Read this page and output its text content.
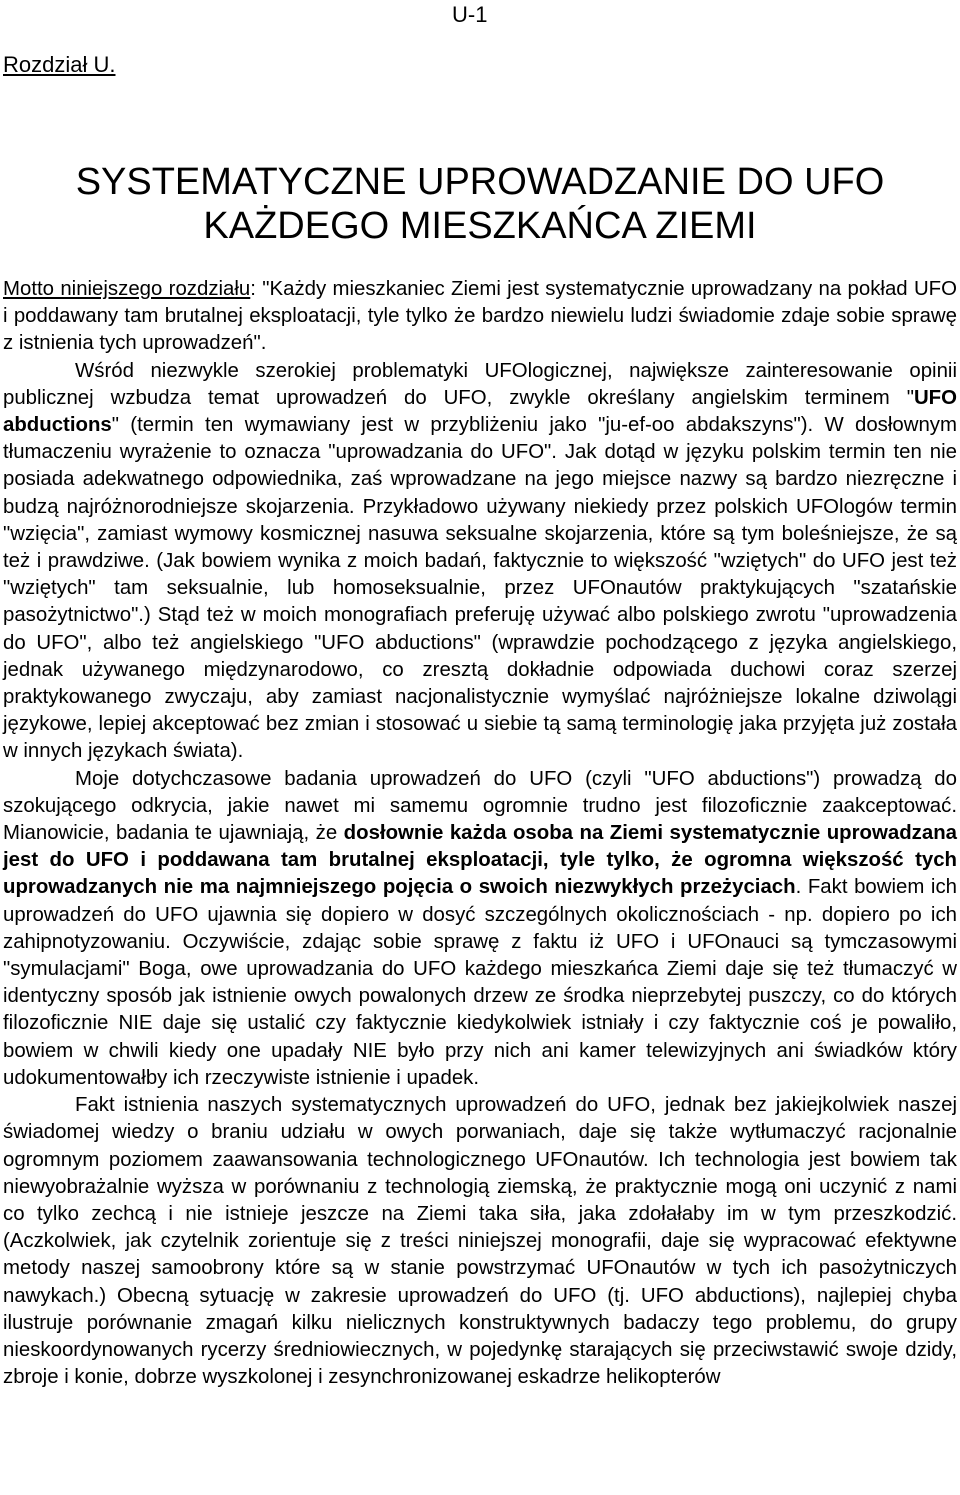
U-1
Rozdział U.
SYSTEMATYCZNE UPROWADZANIE DO UFO
KAŻDEGO MIESZKAŃCA ZIEMI

Motto niniejszego rozdziału: "Każdy mieszkaniec Ziemi jest systematycznie uprowadzany na pokład UFO i poddawany tam brutalnej eksploatacji, tyle tylko że bardzo niewielu ludzi świadomie zdaje sobie sprawę z istnienia tych uprowadzeń".

Wśród niezwykle szerokiej problematyki UFOlogicznej, największe zainteresowanie opinii publicznej wzbudza temat uprowadzeń do UFO, zwykle określany angielskim terminem "UFO abductions" (termin ten wymawiany jest w przybliżeniu jako "ju-ef-oo abdakszyns"). W dosłownym tłumaczeniu wyrażenie to oznacza "uprowadzania do UFO". Jak dotąd w języku polskim termin ten nie posiada adekwatnego odpowiednika, zaś wprowadzane na jego miejsce nazwy są bardzo niezręczne i budzą najróżnorodniejsze skojarzenia. Przykładowo używany niekiedy przez polskich UFOlogów termin "wzięcia", zamiast wymowy kosmicznej nasuwa seksualne skojarzenia, które są tym boleśniejsze, że są też i prawdziwe. (Jak bowiem wynika z moich badań, faktycznie to większość "wziętych" do UFO jest też "wziętych" tam seksualnie, lub homoseksualnie, przez UFOnautów praktykujących "szatańskie pasożytnictwo".) Stąd też w moich monografiach preferuję używać albo polskiego zwrotu "uprowadzenia do UFO", albo też angielskiego "UFO abductions" (wprawdzie pochodzącego z języka angielskiego, jednak używanego międzynarodowo, co zresztą dokładnie odpowiada duchowi coraz szerzej praktykowanego zwyczaju, aby zamiast nacjonalistycznie wymyślać najróżniejsze lokalne dziwolągi językowe, lepiej akceptować bez zmian i stosować u siebie tą samą terminologię jaka przyjęta już została w innych językach świata).

Moje dotychczasowe badania uprowadzeń do UFO (czyli "UFO abductions") prowadzą do szokującego odkrycia, jakie nawet mi samemu ogromnie trudno jest filozoficznie zaakceptować. Mianowicie, badania te ujawniają, że dosłownie każda osoba na Ziemi systematycznie uprowadzana jest do UFO i poddawana tam brutalnej eksploatacji, tyle tylko, że ogromna większość tych uprowadzanych nie ma najmniejszego pojęcia o swoich niezwykłych przeżyciach. Fakt bowiem ich uprowadzeń do UFO ujawnia się dopiero w dosyć szczególnych okolicznościach - np. dopiero po ich zahipnotyzowaniu. Oczywiście, zdając sobie sprawę z faktu iż UFO i UFOnauci są tymczasowymi "symulacjami" Boga, owe uprowadzania do UFO każdego mieszkańca Ziemi daje się też tłumaczyć w identyczny sposób jak istnienie owych powalonych drzew ze środka nieprzebytej puszczy, co do których filozoficznie NIE daje się ustalić czy faktycznie kiedykolwiek istniały i czy faktycznie coś je powaliło, bowiem w chwili kiedy one upadały NIE było przy nich ani kamer telewizyjnych ani świadków który udokumentowałby ich rzeczywiste istnienie i upadek.

Fakt istnienia naszych systematycznych uprowadzeń do UFO, jednak bez jakiejkolwiek naszej świadomej wiedzy o braniu udziału w owych porwaniach, daje się także wytłumaczyć racjonalnie ogromnym poziomem zaawansowania technologicznego UFOnautów. Ich technologia jest bowiem tak niewyobrażalnie wyższa w porównaniu z technologią ziemską, że praktycznie mogą oni uczynić z nami co tylko zechcą i nie istnieje jeszcze na Ziemi taka siła, jaka zdołałaby im w tym przeszkodzić. (Aczkolwiek, jak czytelnik zorientuje się z treści niniejszej monografii, daje się wypracować efektywne metody naszej samoobrony które są w stanie powstrzymać UFOnautów w tych ich pasożytniczych nawykach.) Obecną sytuację w zakresie uprowadzeń do UFO (tj. UFO abductions), najlepiej chyba ilustruje porównanie zmagań kilku nielicznych konstruktywnych badaczy tego problemu, do grupy nieskoordynowanych rycerzy średniowiecznych, w pojedynkę starających się przeciwstawić swoje dzidy, zbroje i konie, dobrze wyszkolonej i zesynchronizowanej eskadrze helikopterów
